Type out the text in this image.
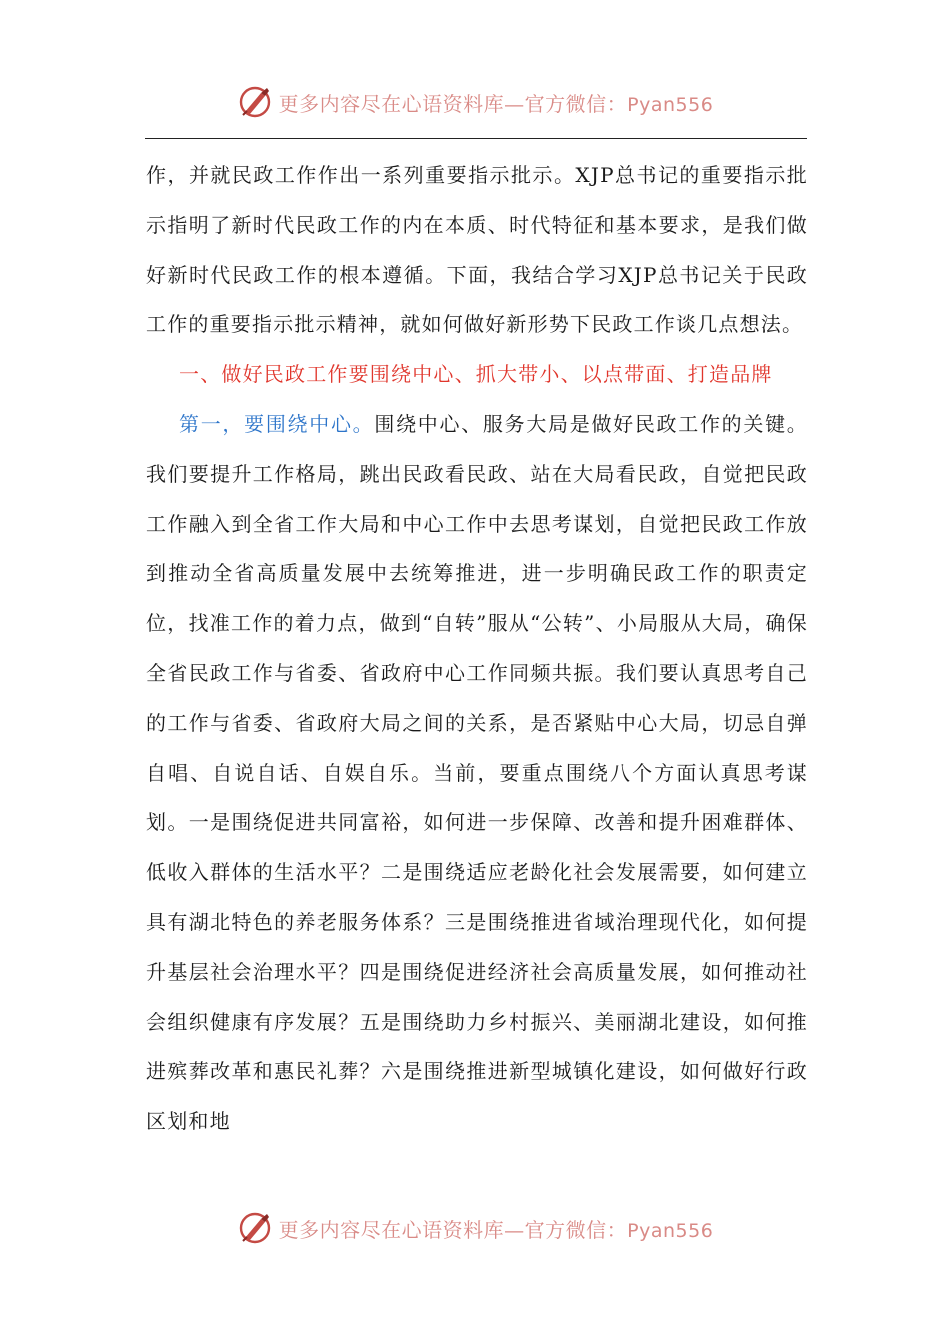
更多内容尽在心语资料库—官方微信：Pyan556

作，并就民政工作作出一系列重要指示批示。XJP总书记的重要指示批示指明了新时代民政工作的内在本质、时代特征和基本要求，是我们做好新时代民政工作的根本遵循。下面，我结合学习XJP总书记关于民政工作的重要指示批示精神，就如何做好新形势下民政工作谈几点想法。

一、做好民政工作要围绕中心、抓大带小、以点带面、打造品牌

第一，要围绕中心。围绕中心、服务大局是做好民政工作的关键。我们要提升工作格局，跳出民政看民政、站在大局看民政，自觉把民政工作融入到全省工作大局和中心工作中去思考谋划，自觉把民政工作放到推动全省高质量发展中去统筹推进，进一步明确民政工作的职责定位，找准工作的着力点，做到“自转”服从“公转”、小局服从大局，确保全省民政工作与省委、省政府中心工作同频共振。我们要认真思考自己的工作与省委、省政府大局之间的关系，是否紧贴中心大局，切忌自弹自唱、自说自话、自娱自乐。当前，要重点围绕八个方面认真思考谋划。一是围绕促进共同富裕，如何进一步保障、改善和提升困难群体、低收入群体的生活水平？二是围绕适应老龄化社会发展需要，如何建立具有湖北特色的养老服务体系？三是围绕推进省域治理现代化，如何提升基层社会治理水平？四是围绕促进经济社会高质量发展，如何推动社会组织健康有序发展？五是围绕助力乡村振兴、美丽湖北建设，如何推进殡葬改革和惠民礼葬？六是围绕推进新型城镇化建设，如何做好行政区划和地

更多内容尽在心语资料库—官方微信：Pyan556
